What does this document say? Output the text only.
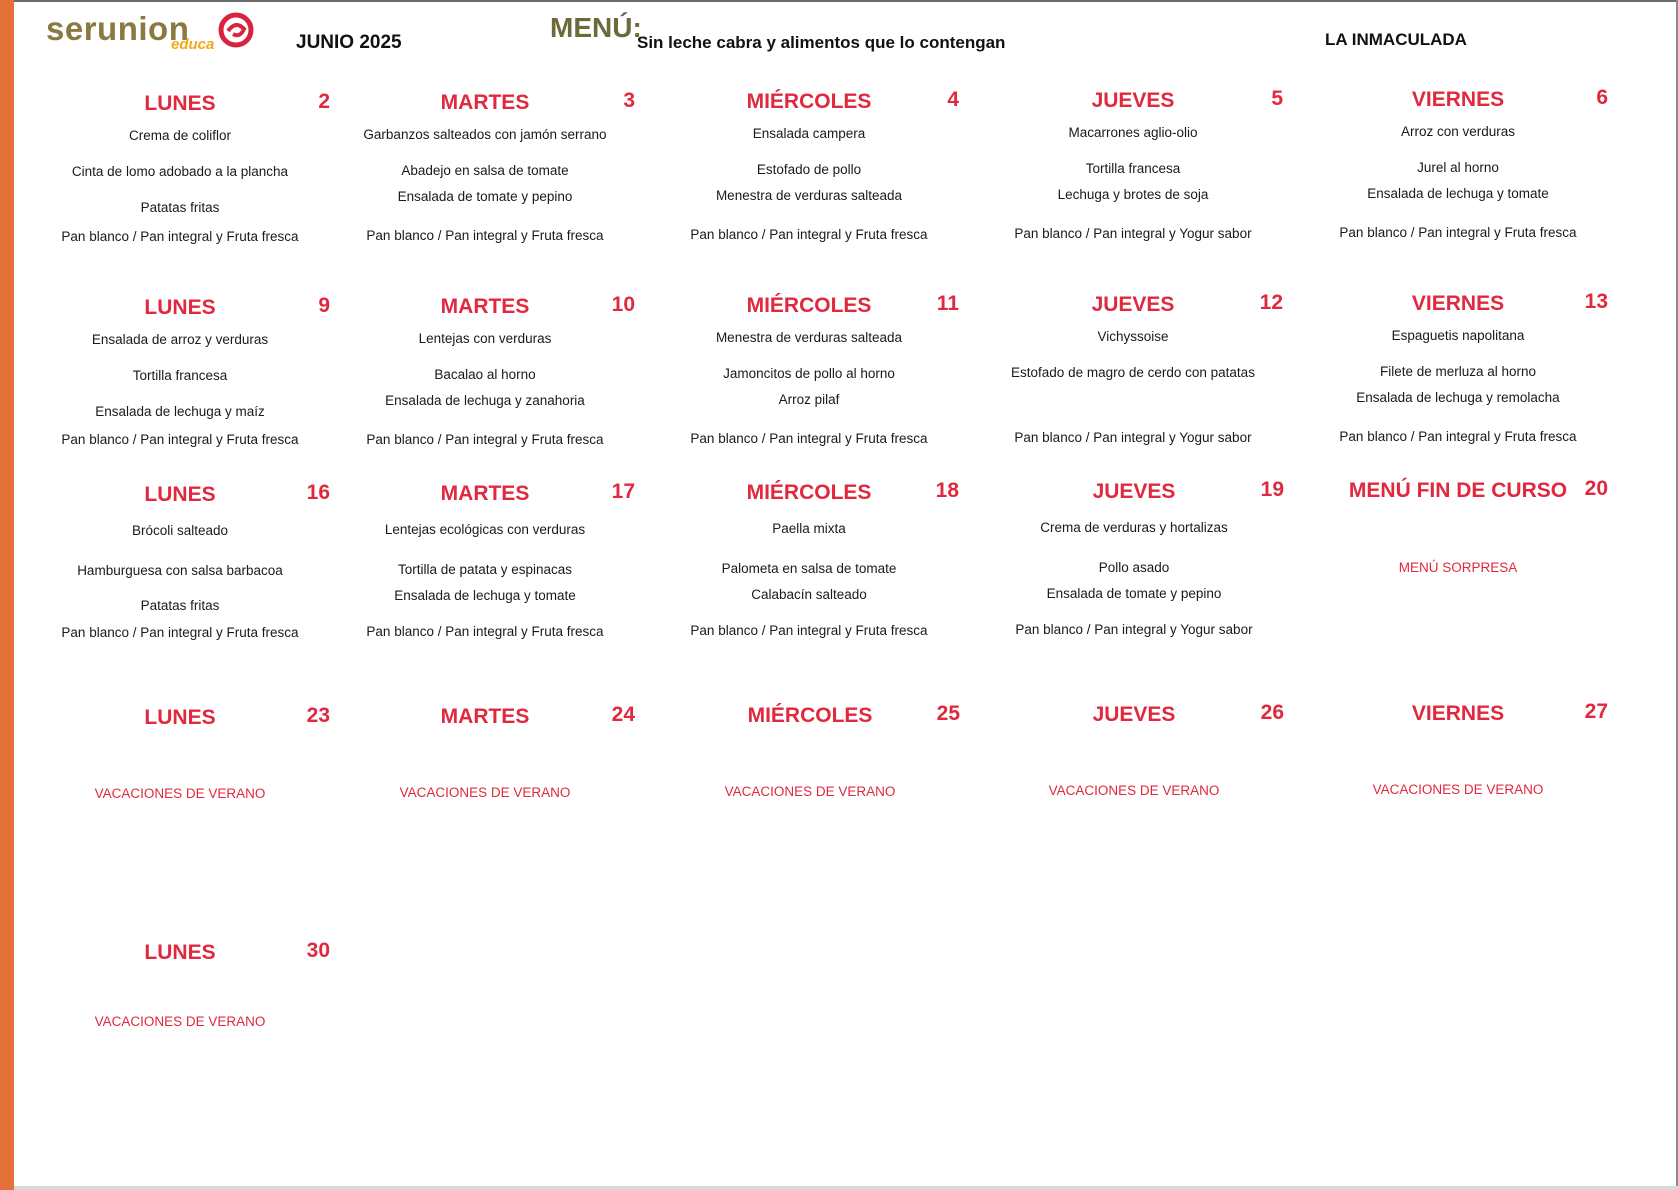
serunion
educa	JUNIO 2025	MENÚ:
Sin leche cabra y alimentos que lo contengan	LA INMACULADA
LUNES	2
Crema de coliflor
Cinta de lomo adobado a la plancha
Patatas fritas
Pan blanco / Pan integral y Fruta fresca
MARTES	3
Garbanzos salteados con jamón serrano
Abadejo en salsa de tomate
Ensalada de tomate y pepino
Pan blanco / Pan integral y Fruta fresca
MIÉRCOLES	4
Ensalada campera
Estofado de pollo
Menestra de verduras salteada
Pan blanco / Pan integral y Fruta fresca
JUEVES	5
Macarrones aglio-olio
Tortilla francesa
Lechuga y brotes de soja
Pan blanco / Pan integral y Yogur sabor
VIERNES	6
Arroz con verduras
Jurel al horno
Ensalada de lechuga y tomate
Pan blanco / Pan integral y Fruta fresca
LUNES	9
Ensalada de arroz y verduras
Tortilla francesa
Ensalada de lechuga y maíz
Pan blanco / Pan integral y Fruta fresca
MARTES	10
Lentejas con verduras
Bacalao al horno
Ensalada de lechuga y zanahoria
Pan blanco / Pan integral y Fruta fresca
MIÉRCOLES	11
Menestra de verduras salteada
Jamoncitos de pollo al horno
Arroz pilaf
Pan blanco / Pan integral y Fruta fresca
JUEVES	12
Vichyssoise
Estofado de magro de cerdo con patatas
Pan blanco / Pan integral y Yogur sabor
VIERNES	13
Espaguetis napolitana
Filete de merluza al horno
Ensalada de lechuga y remolacha
Pan blanco / Pan integral y Fruta fresca
LUNES	16
Brócoli salteado
Hamburguesa con salsa barbacoa
Patatas fritas
Pan blanco / Pan integral y Fruta fresca
MARTES	17
Lentejas ecológicas con verduras
Tortilla de patata y espinacas
Ensalada de lechuga y tomate
Pan blanco / Pan integral y Fruta fresca
MIÉRCOLES	18
Paella mixta
Palometa en salsa de tomate
Calabacín salteado
Pan blanco / Pan integral y Fruta fresca
JUEVES	19
Crema de verduras y hortalizas
Pollo asado
Ensalada de tomate y pepino
Pan blanco / Pan integral y Yogur sabor
MENÚ FIN DE CURSO 20
MENÚ SORPRESA
LUNES	23
VACACIONES DE VERANO
MARTES	24
VACACIONES DE VERANO
MIÉRCOLES	25
VACACIONES DE VERANO
JUEVES	26
VACACIONES DE VERANO
VIERNES	27
VACACIONES DE VERANO
LUNES	30
VACACIONES DE VERANO
